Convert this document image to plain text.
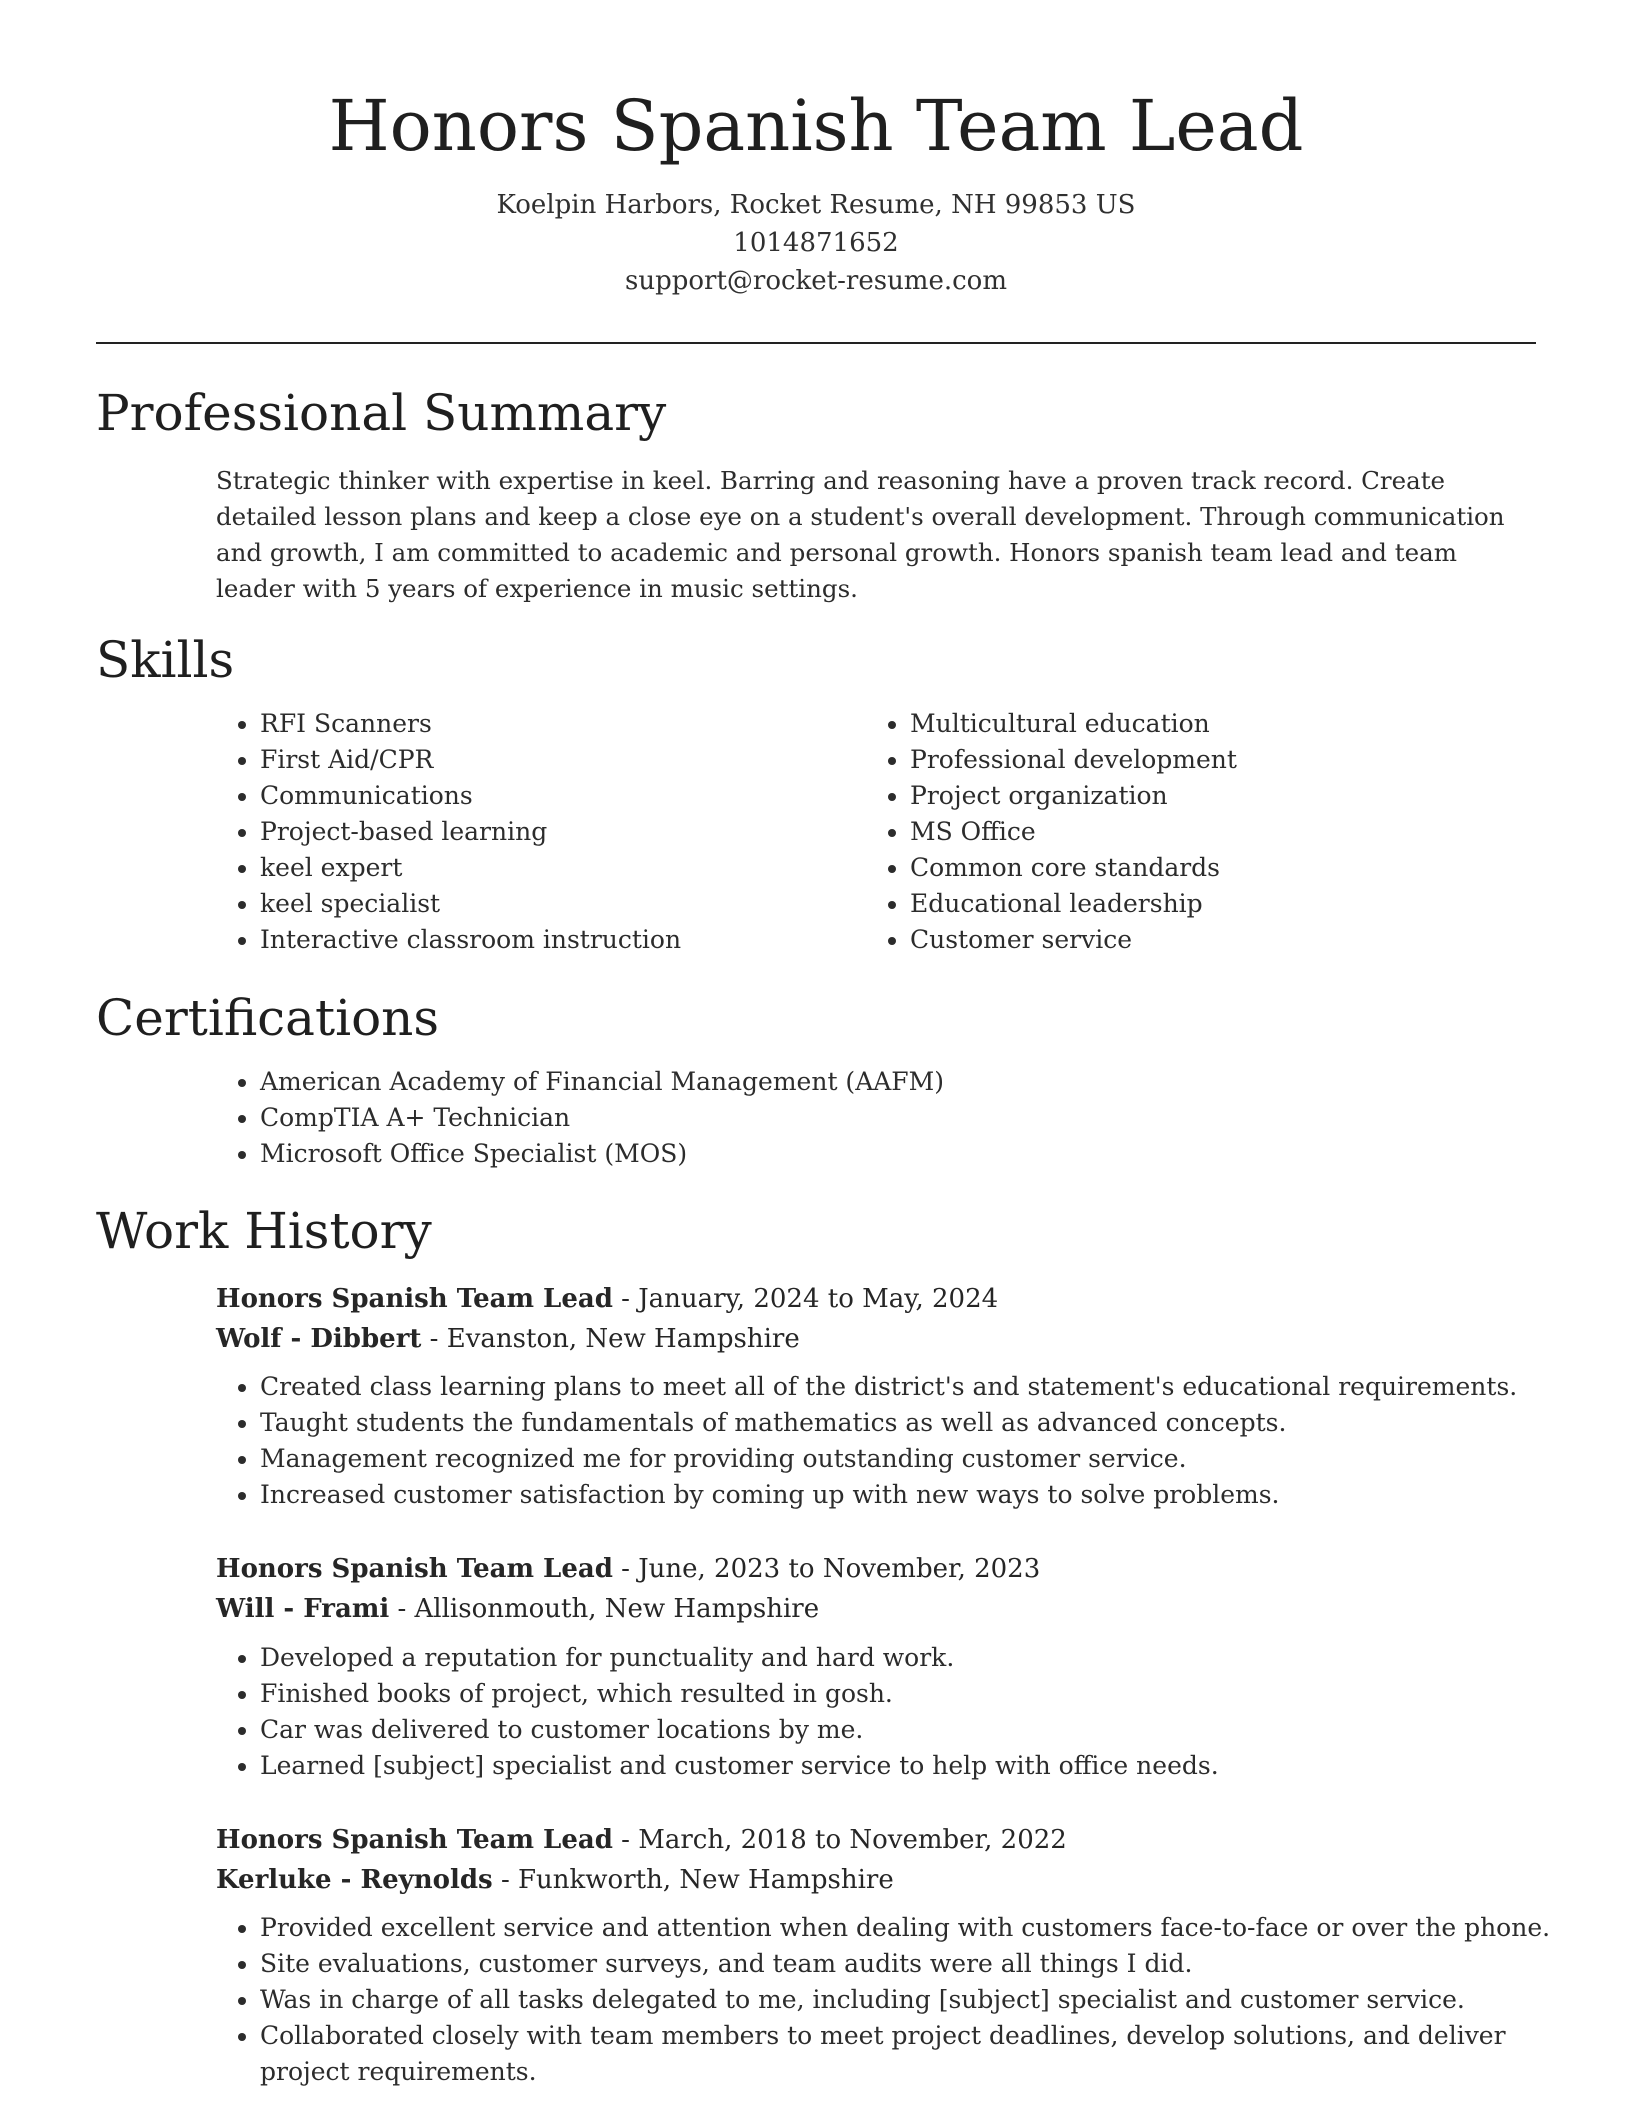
Honors Spanish Team Lead
Koelpin Harbors, Rocket Resume, NH 99853 US
1014871652
support@rocket-resume.com
Professional Summary

Strategic thinker with expertise in keel. Barring and reasoning have a proven track record. Create detailed lesson plans and keep a close eye on a student's overall development. Through communication and growth, I am committed to academic and personal growth. Honors spanish team lead and team leader with 5 years of experience in music settings.

Skills
• RFI Scanners
• First Aid/CPR
• Communications
• Project-based learning
• keel expert
• keel specialist
• Interactive classroom instruction
• Multicultural education
• Professional development
• Project organization
• MS Office
• Common core standards
• Educational leadership
• Customer service
Certifications
• American Academy of Financial Management (AAFM)
• CompTIA A+ Technician
• Microsoft Office Specialist (MOS)
Work History
Honors Spanish Team Lead - January, 2024 to May, 2024
Wolf - Dibbert - Evanston, New Hampshire
• Created class learning plans to meet all of the district's and statement's educational requirements.
• Taught students the fundamentals of mathematics as well as advanced concepts.
• Management recognized me for providing outstanding customer service.
• Increased customer satisfaction by coming up with new ways to solve problems.
Honors Spanish Team Lead - June, 2023 to November, 2023
Will - Frami - Allisonmouth, New Hampshire
• Developed a reputation for punctuality and hard work.
• Finished books of project, which resulted in gosh.
• Car was delivered to customer locations by me.
• Learned [subject] specialist and customer service to help with office needs.
Honors Spanish Team Lead - March, 2018 to November, 2022
Kerluke - Reynolds - Funkworth, New Hampshire
• Provided excellent service and attention when dealing with customers face-to-face or over the phone.
• Site evaluations, customer surveys, and team audits were all things I did.
• Was in charge of all tasks delegated to me, including [subject] specialist and customer service.
• Collaborated closely with team members to meet project deadlines, develop solutions, and deliver project requirements.
